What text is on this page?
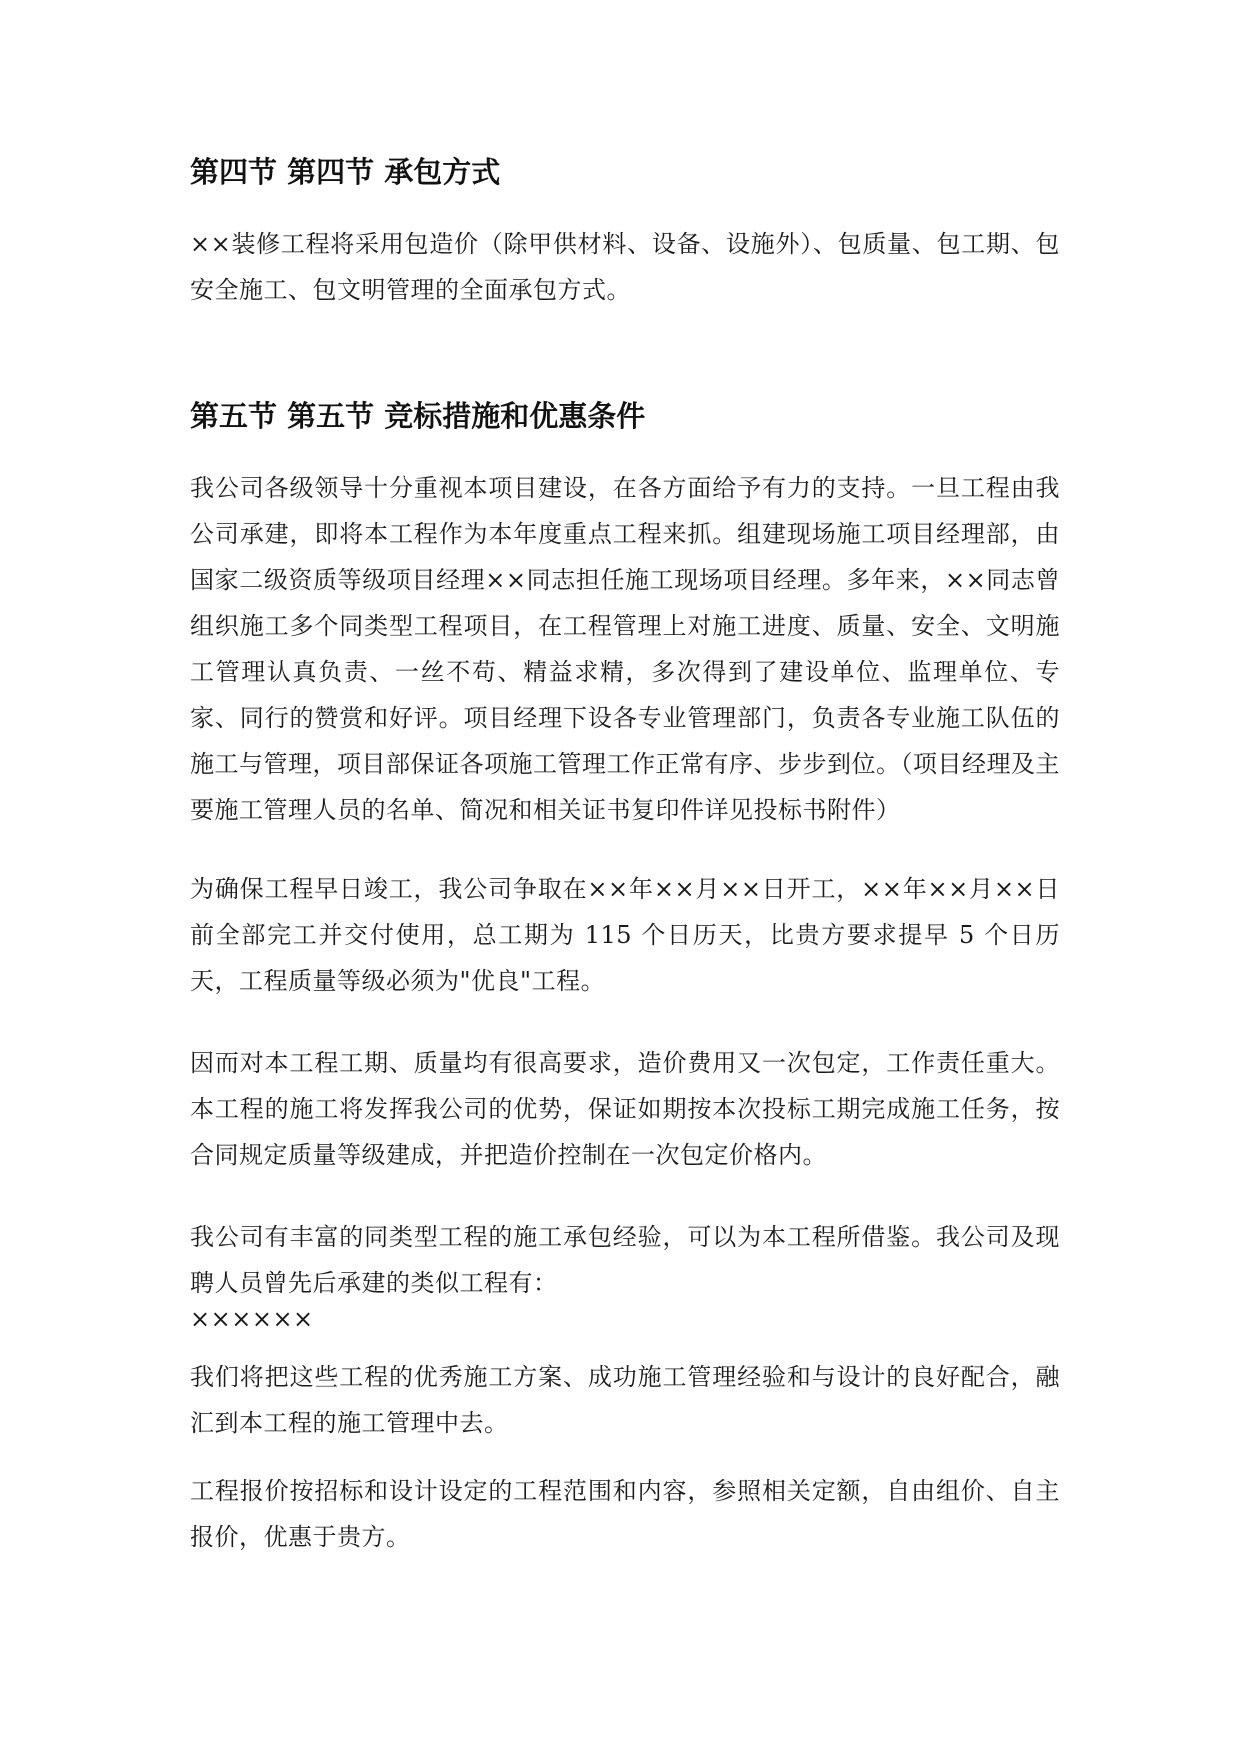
第四节 第四节 承包方式

××装修工程将采用包造价（除甲供材料、设备、设施外）、包质量、包工期、包安全施工、包文明管理的全面承包方式。

第五节 第五节 竞标措施和优惠条件

我公司各级领导十分重视本项目建设，在各方面给予有力的支持。一旦工程由我公司承建，即将本工程作为本年度重点工程来抓。组建现场施工项目经理部，由国家二级资质等级项目经理××同志担任施工现场项目经理。多年来，××同志曾组织施工多个同类型工程项目，在工程管理上对施工进度、质量、安全、文明施工管理认真负责、一丝不苟、精益求精，多次得到了建设单位、监理单位、专家、同行的赞赏和好评。项目经理下设各专业管理部门，负责各专业施工队伍的施工与管理，项目部保证各项施工管理工作正常有序、步步到位。（项目经理及主要施工管理人员的名单、简况和相关证书复印件详见投标书附件）

为确保工程早日竣工，我公司争取在××年××月××日开工，××年××月××日前全部完工并交付使用，总工期为 115 个日历天，比贵方要求提早 5 个日历天，工程质量等级必须为"优良"工程。

因而对本工程工期、质量均有很高要求，造价费用又一次包定，工作责任重大。本工程的施工将发挥我公司的优势，保证如期按本次投标工期完成施工任务，按合同规定质量等级建成，并把造价控制在一次包定价格内。

我公司有丰富的同类型工程的施工承包经验，可以为本工程所借鉴。我公司及现聘人员曾先后承建的类似工程有：

××××××

我们将把这些工程的优秀施工方案、成功施工管理经验和与设计的良好配合，融汇到本工程的施工管理中去。

工程报价按招标和设计设定的工程范围和内容，参照相关定额，自由组价、自主报价，优惠于贵方。
